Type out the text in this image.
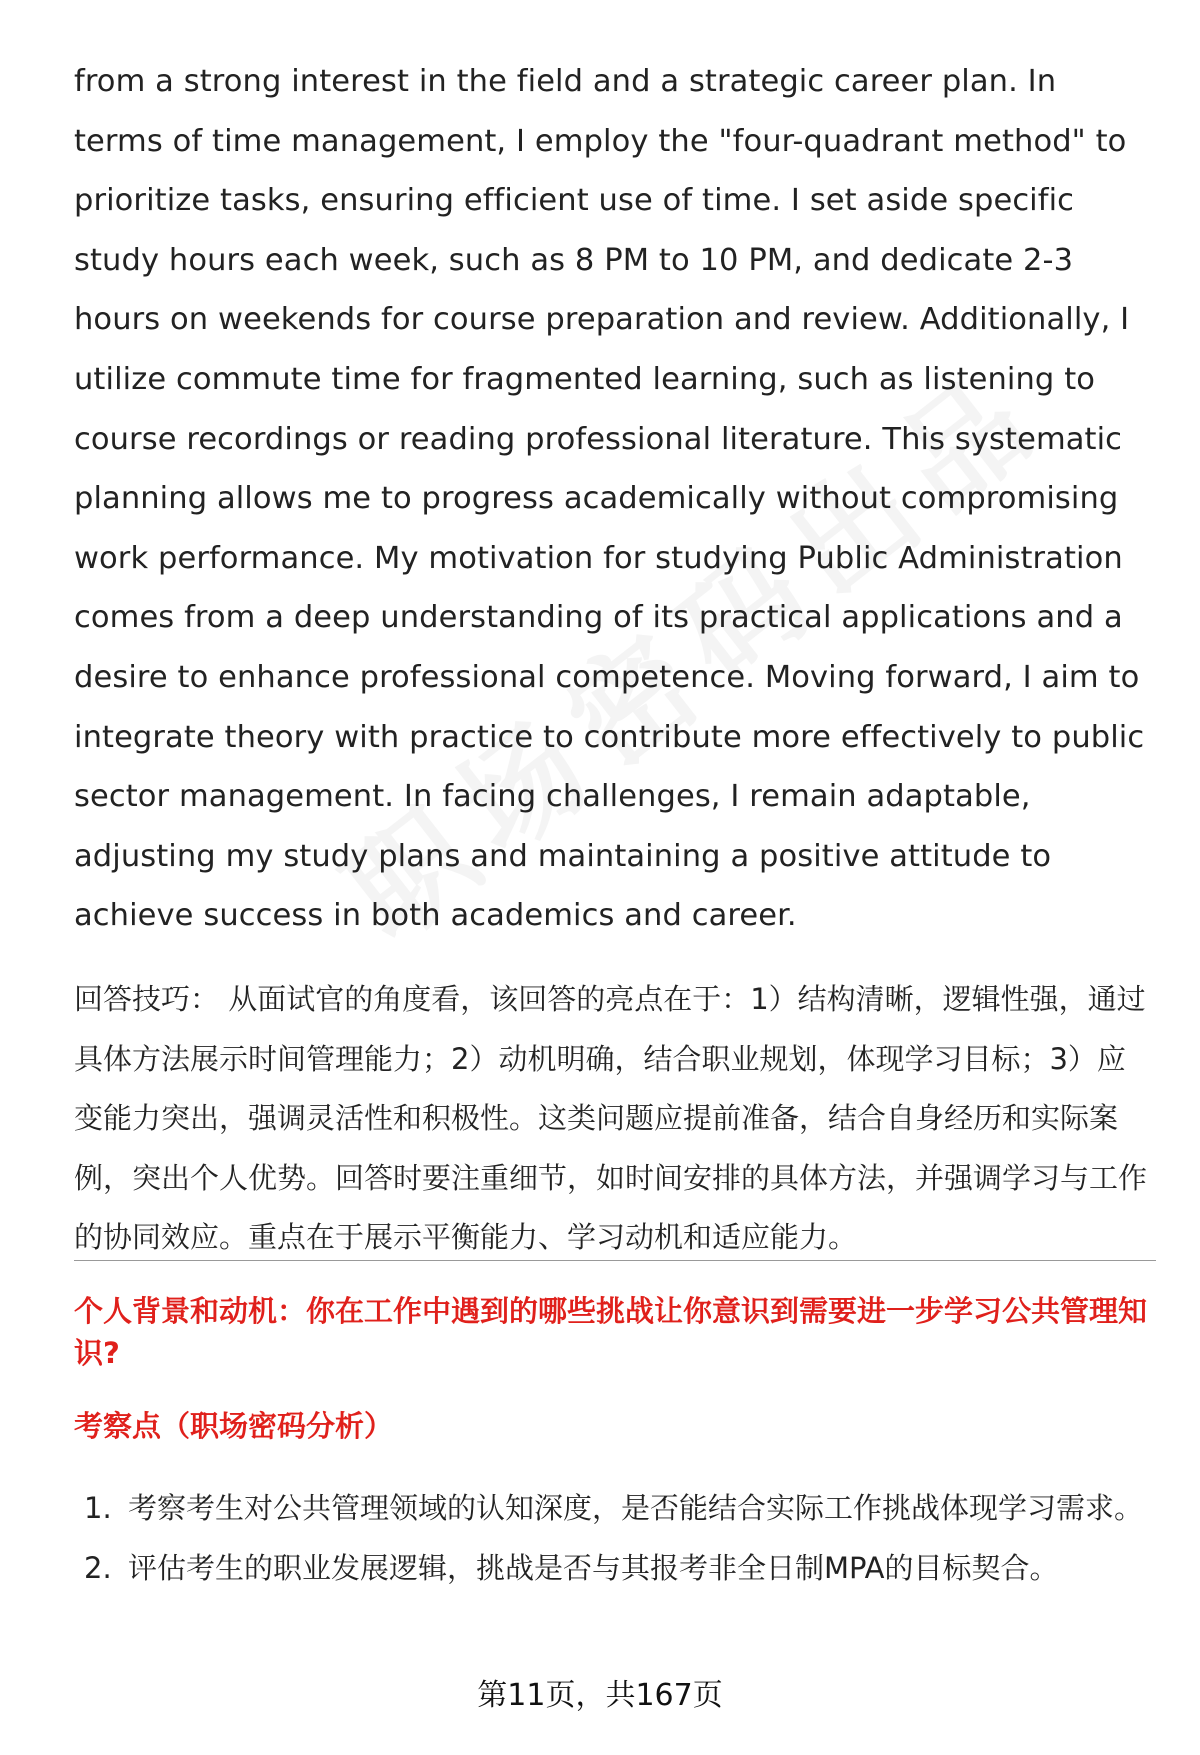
from a strong interest in the field and a strategic career plan. In terms of time management, I employ the "four-quadrant method" to prioritize tasks, ensuring efficient use of time. I set aside specific study hours each week, such as 8 PM to 10 PM, and dedicate 2-3 hours on weekends for course preparation and review. Additionally, I utilize commute time for fragmented learning, such as listening to course recordings or reading professional literature. This systematic planning allows me to progress academically without compromising work performance. My motivation for studying Public Administration comes from a deep understanding of its practical applications and a desire to enhance professional competence. Moving forward, I aim to integrate theory with practice to contribute more effectively to public sector management. In facing challenges, I remain adaptable, adjusting my study plans and maintaining a positive attitude to achieve success in both academics and career.

回答技巧： 从面试官的角度看，该回答的亮点在于：1）结构清晰，逻辑性强，通过具体方法展示时间管理能力；2）动机明确，结合职业规划，体现学习目标；3）应变能力突出，强调灵活性和积极性。这类问题应提前准备，结合自身经历和实际案例，突出个人优势。回答时要注重细节，如时间安排的具体方法，并强调学习与工作的协同效应。重点在于展示平衡能力、学习动机和适应能力。

个人背景和动机：你在工作中遇到的哪些挑战让你意识到需要进一步学习公共管理知识?
考察点（职场密码分析）
1. 考察考生对公共管理领域的认知深度，是否能结合实际工作挑战体现学习需求。
2. 评估考生的职业发展逻辑，挑战是否与其报考非全日制MPA的目标契合。
第11页，共167页
